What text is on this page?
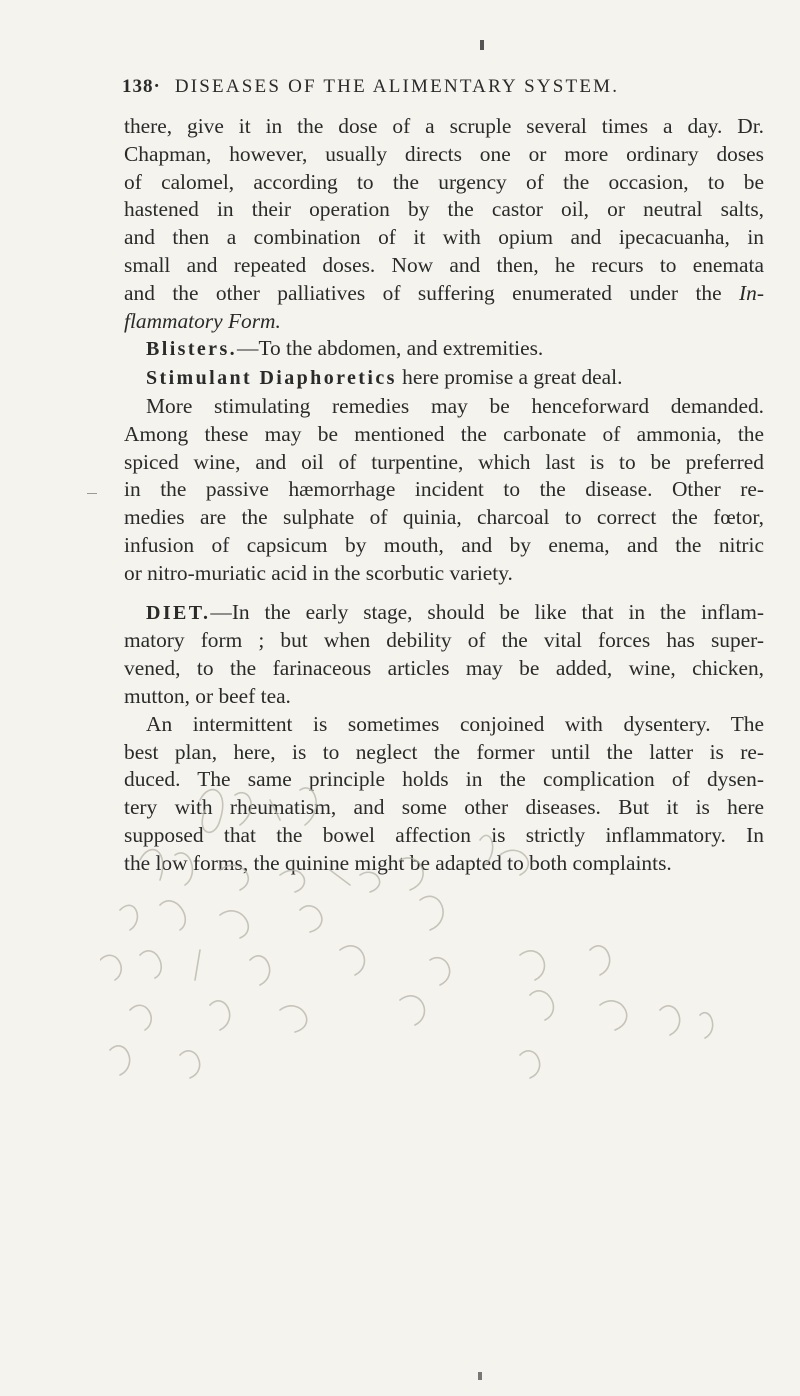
138· DISEASES OF THE ALIMENTARY SYSTEM.
there, give it in the dose of a scruple several times a day. Dr.
Chapman, however, usually directs one or more ordinary doses
of calomel, according to the urgency of the occasion, to be
hastened in their operation by the castor oil, or neutral salts,
and then a combination of it with opium and ipecacuanha, in
small and repeated doses. Now and then, he recurs to enemata
and the other palliatives of suffering enumerated under the In-
flammatory Form.
Blisters.—To the abdomen, and extremities.
Stimulant Diaphoretics here promise a great deal.
More stimulating remedies may be henceforward demanded.
Among these may be mentioned the carbonate of ammonia, the
spiced wine, and oil of turpentine, which last is to be preferred
in the passive hæmorrhage incident to the disease. Other re-
medies are the sulphate of quinia, charcoal to correct the fœtor,
infusion of capsicum by mouth, and by enema, and the nitric
or nitro-muriatic acid in the scorbutic variety.
DIET.—In the early stage, should be like that in the inflam-
matory form ; but when debility of the vital forces has super-
vened, to the farinaceous articles may be added, wine, chicken,
mutton, or beef tea.
An intermittent is sometimes conjoined with dysentery. The
best plan, here, is to neglect the former until the latter is re-
duced. The same principle holds in the complication of dysen-
tery with rheumatism, and some other diseases. But it is here
supposed that the bowel affection is strictly inflammatory. In
the low forms, the quinine might be adapted to both complaints.
